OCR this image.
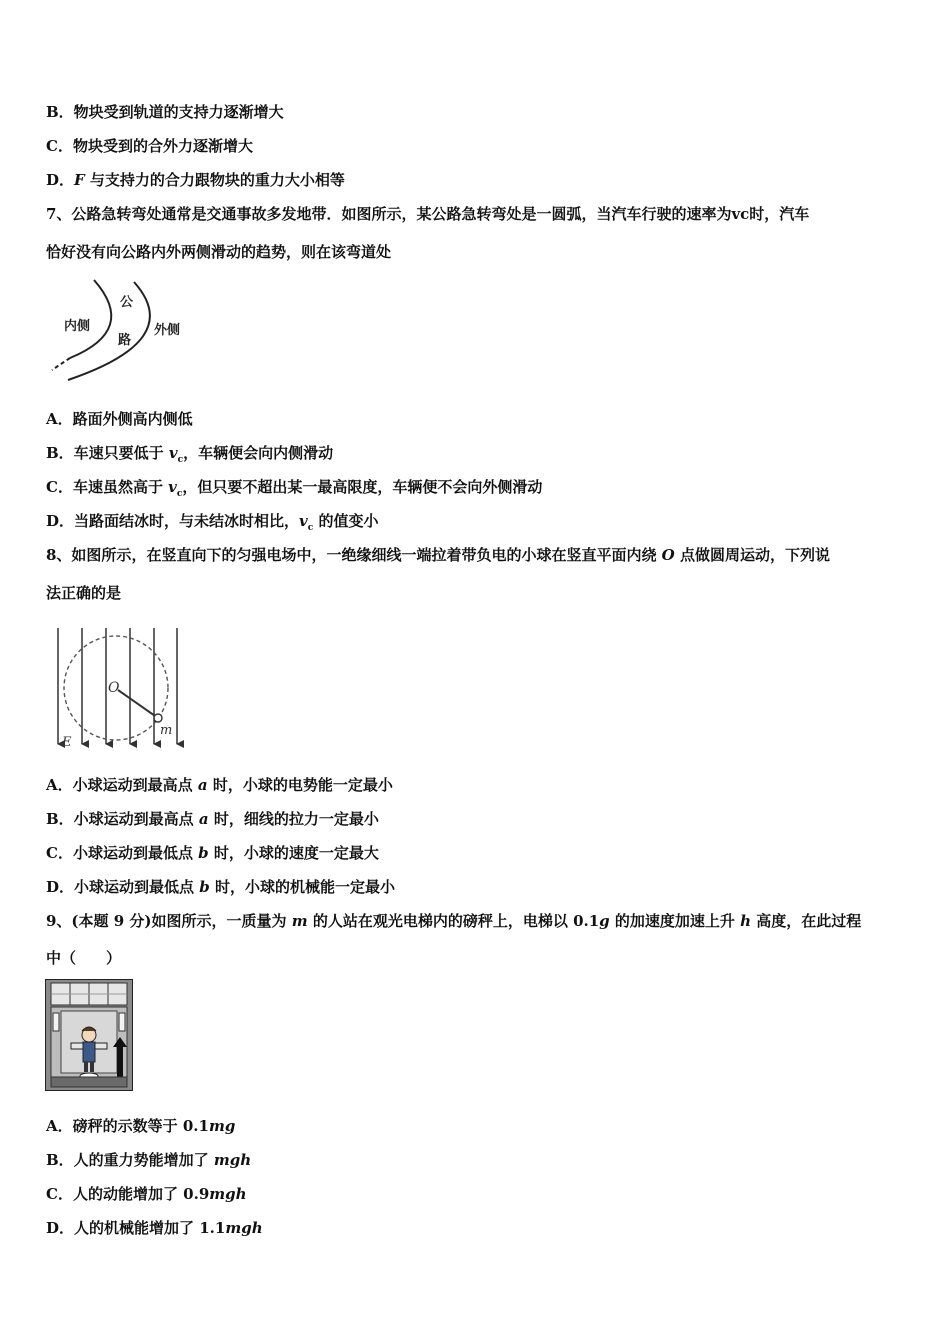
B．物块受到轨道的支持力逐渐增大
C．物块受到的合外力逐渐增大
D．F 与支持力的合力跟物块的重力大小相等
7、公路急转弯处通常是交通事故多发地带．如图所示，某公路急转弯处是一圆弧，当汽车行驶的速率为vc时，汽车
恰好没有向公路内外两侧滑动的趋势，则在该弯道处
内侧
公
路
外侧
A．路面外侧高内侧低
B．车速只要低于 $v_c$，车辆便会向内侧滑动
C．车速虽然高于 $v_c$，但只要不超出某一最高限度，车辆便不会向外侧滑动
D．当路面结冰时，与未结冰时相比，$v_c$ 的值变小
8、如图所示，在竖直向下的匀强电场中，一绝缘细线一端拉着带负电的小球在竖直平面内绕 O 点做圆周运动，下列说
法正确的是
O
m
E
A．小球运动到最高点 a 时，小球的电势能一定最小
B．小球运动到最高点 a 时，细线的拉力一定最小
C．小球运动到最低点 b 时，小球的速度一定最大
D．小球运动到最低点 b 时，小球的机械能一定最小
9、(本题 9 分)如图所示，一质量为 m 的人站在观光电梯内的磅秤上，电梯以 0.1g 的加速度加速上升 h 高度，在此过程
中（　　）
A．磅秤的示数等于 0.1mg
B．人的重力势能增加了 mgh
C．人的动能增加了 0.9mgh
D．人的机械能增加了 1.1mgh
